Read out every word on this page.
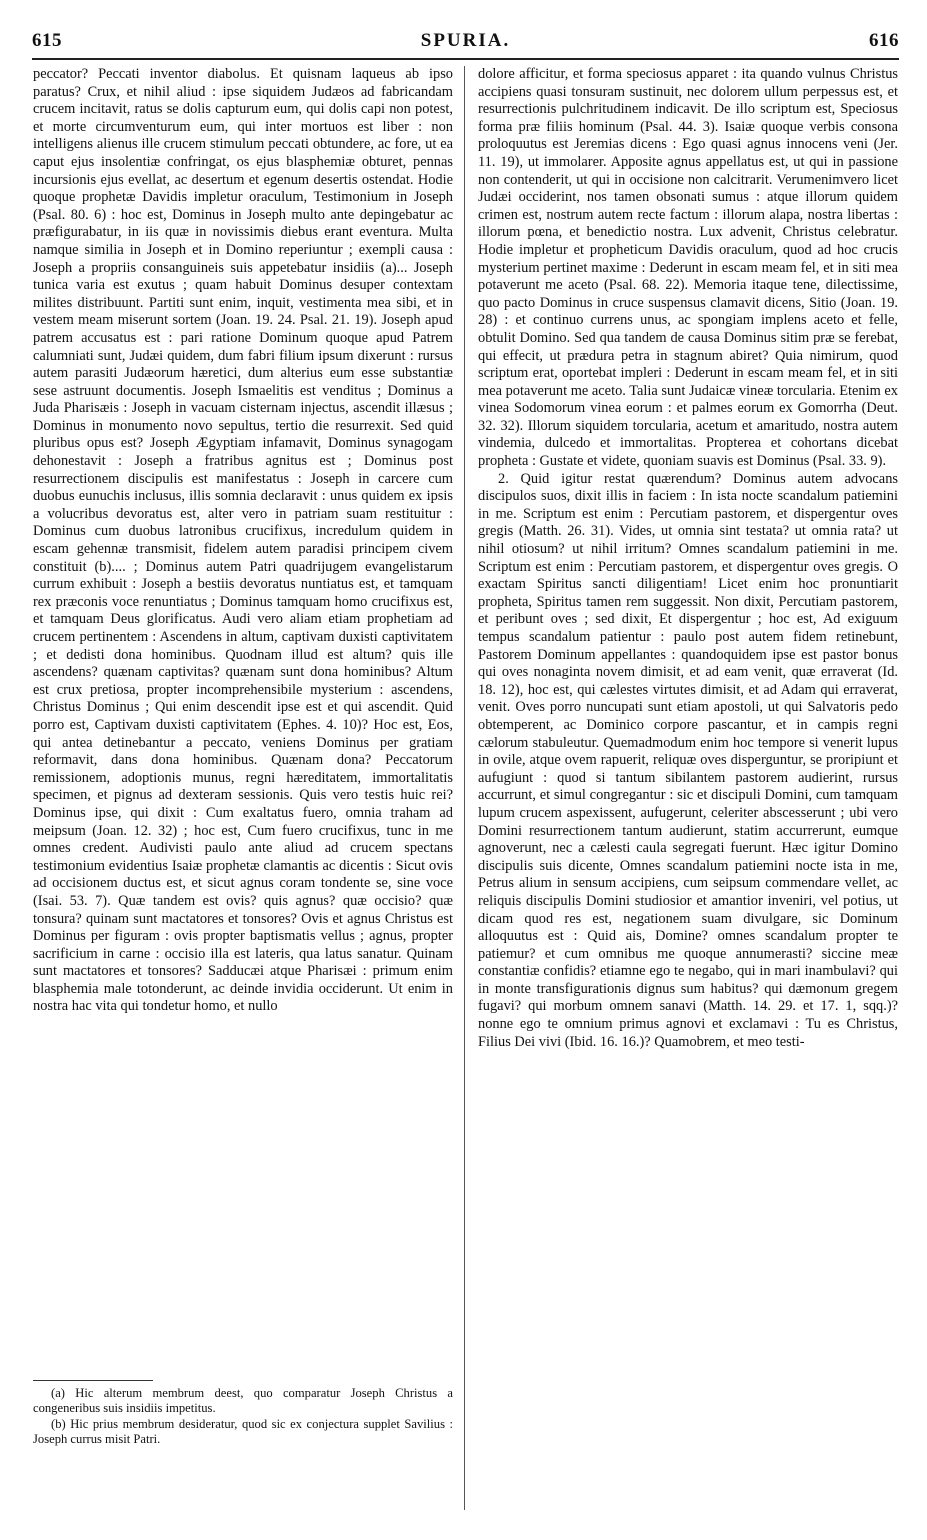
615	SPURIA.	616

peccator? Peccati inventor diabolus. Et quisnam laqueus ab ipso paratus? Crux, et nihil aliud : ipse siquidem Judæos ad fabricandam crucem incitavit, ratus se dolis capturum eum, qui dolis capi non potest, et morte circumventurum eum, qui inter mortuos est liber : non intelligens alienus ille crucem stimulum peccati obtundere, ac fore, ut ea caput ejus insolentiæ confringat, os ejus blasphemiæ obturet, pennas incursionis ejus evellat, ac desertum et egenum desertis ostendat. Hodie quoque prophetæ Davidis impletur oraculum, Testimonium in Joseph (Psal. 80. 6) : hoc est, Dominus in Joseph multo ante depingebatur ac præfigurabatur, in iis quæ in novissimis diebus erant eventura. Multa namque similia in Joseph et in Domino reperiuntur ; exempli causa : Joseph a propriis consanguineis suis appetebatur insidiis (a)... Joseph tunica varia est exutus ; quam habuit Dominus desuper contextam milites distribuunt. Partiti sunt enim, inquit, vestimenta mea sibi, et in vestem meam miserunt sortem (Joan. 19. 24. Psal. 21. 19). Joseph apud patrem accusatus est : pari ratione Dominum quoque apud Patrem calumniati sunt, Judæi quidem, dum fabri filium ipsum dixerunt : rursus autem parasiti Judæorum hæretici, dum alterius eum esse substantiæ sese astruunt documentis. Joseph Ismaelitis est venditus ; Dominus a Juda Pharisæis : Joseph in vacuam cisternam injectus, ascendit illæsus ; Dominus in monumento novo sepultus, tertio die resurrexit. Sed quid pluribus opus est? Joseph Ægyptiam infamavit, Dominus synagogam dehonestavit : Joseph a fratribus agnitus est ; Dominus post resurrectionem discipulis est manifestatus : Joseph in carcere cum duobus eunuchis inclusus, illis somnia declaravit : unus quidem ex ipsis a volucribus devoratus est, alter vero in patriam suam restituitur : Dominus cum duobus latronibus crucifixus, incredulum quidem in escam gehennæ transmisit, fidelem autem paradisi principem civem constituit (b).... ; Dominus autem Patri quadrijugem evangelistarum currum exhibuit : Joseph a bestiis devoratus nuntiatus est, et tamquam rex præconis voce renuntiatus ; Dominus tamquam homo crucifixus est, et tamquam Deus glorificatus. Audi vero aliam etiam prophetiam ad crucem pertinentem : Ascendens in altum, captivam duxisti captivitatem ; et dedisti dona hominibus. Quodnam illud est altum? quis ille ascendens? quænam captivitas? quænam sunt dona hominibus? Altum est crux pretiosa, propter incomprehensibile mysterium : ascendens, Christus Dominus ; Qui enim descendit ipse est et qui ascendit. Quid porro est, Captivam duxisti captivitatem (Ephes. 4. 10)? Hoc est, Eos, qui antea detinebantur a peccato, veniens Dominus per gratiam reformavit, dans dona hominibus. Quænam dona? Peccatorum remissionem, adoptionis munus, regni hæreditatem, immortalitatis specimen, et pignus ad dexteram sessionis. Quis vero testis huic rei? Dominus ipse, qui dixit : Cum exaltatus fuero, omnia traham ad meipsum (Joan. 12. 32) ; hoc est, Cum fuero crucifixus, tunc in me omnes credent. Audivisti paulo ante aliud ad crucem spectans testimonium evidentius Isaiæ prophetæ clamantis ac dicentis : Sicut ovis ad occisionem ductus est, et sicut agnus coram tondente se, sine voce (Isai. 53. 7). Quæ tandem est ovis? quis agnus? quæ occisio? quæ tonsura? quinam sunt mactatores et tonsores? Ovis et agnus Christus est Dominus per figuram : ovis propter baptismatis vellus ; agnus, propter sacrificium in carne : occisio illa est lateris, qua latus sanatur. Quinam sunt mactatores et tonsores? Sadducæi atque Pharisæi : primum enim blasphemia male totonderunt, ac deinde invidia occiderunt. Ut enim in nostra hac vita qui tondetur homo, et nullo

dolore afficitur, et forma speciosus apparet : ita quando vulnus Christus accipiens quasi tonsuram sustinuit, nec dolorem ullum perpessus est, et resurrectionis pulchritudinem indicavit. De illo scriptum est, Speciosus forma præ filiis hominum (Psal. 44. 3). Isaiæ quoque verbis consona proloquutus est Jeremias dicens : Ego quasi agnus innocens veni (Jer. 11. 19), ut immolarer. Apposite agnus appellatus est, ut qui in passione non contenderit, ut qui in occisione non calcitrarit. Verumenimvero licet Judæi occiderint, nos tamen obsonati sumus : atque illorum quidem crimen est, nostrum autem recte factum : illorum alapa, nostra libertas : illorum pœna, et benedictio nostra. Lux advenit, Christus celebratur. Hodie impletur et propheticum Davidis oraculum, quod ad hoc crucis mysterium pertinet maxime : Dederunt in escam meam fel, et in siti mea potaverunt me aceto (Psal. 68. 22). Memoria itaque tene, dilectissime, quo pacto Dominus in cruce suspensus clamavit dicens, Sitio (Joan. 19. 28) : et continuo currens unus, ac spongiam implens aceto et felle, obtulit Domino. Sed qua tandem de causa Dominus sitim præ se ferebat, qui effecit, ut prædura petra in stagnum abiret? Quia nimirum, quod scriptum erat, oportebat impleri : Dederunt in escam meam fel, et in siti mea potaverunt me aceto. Talia sunt Judaicæ vineæ torcularia. Etenim ex vinea Sodomorum vinea eorum : et palmes eorum ex Gomorrha (Deut. 32. 32). Illorum siquidem torcularia, acetum et amaritudo, nostra autem vindemia, dulcedo et immortalitas. Propterea et cohortans dicebat propheta : Gustate et videte, quoniam suavis est Dominus (Psal. 33. 9).

2. Quid igitur restat quærendum? Dominus autem advocans discipulos suos, dixit illis in faciem : In ista nocte scandalum patiemini in me. Scriptum est enim : Percutiam pastorem, et dispergentur oves gregis (Matth. 26. 31). Vides, ut omnia sint testata? ut omnia rata? ut nihil otiosum? ut nihil irritum? Omnes scandalum patiemini in me. Scriptum est enim : Percutiam pastorem, et dispergentur oves gregis. O exactam Spiritus sancti diligentiam! Licet enim hoc pronuntiarit propheta, Spiritus tamen rem suggessit. Non dixit, Percutiam pastorem, et peribunt oves ; sed dixit, Et dispergentur ; hoc est, Ad exiguum tempus scandalum patientur : paulo post autem fidem retinebunt, Pastorem Dominum appellantes : quandoquidem ipse est pastor bonus qui oves nonaginta novem dimisit, et ad eam venit, quæ erraverat (Id. 18. 12), hoc est, qui cælestes virtutes dimisit, et ad Adam qui erraverat, venit. Oves porro nuncupati sunt etiam apostoli, ut qui Salvatoris pedo obtemperent, ac Dominico corpore pascantur, et in campis regni cælorum stabuleutur. Quemadmodum enim hoc tempore si venerit lupus in ovile, atque ovem rapuerit, reliquæ oves disperguntur, se proripiunt et aufugiunt : quod si tantum sibilantem pastorem audierint, rursus accurrunt, et simul congregantur : sic et discipuli Domini, cum tamquam lupum crucem aspexissent, aufugerunt, celeriter abscesserunt ; ubi vero Domini resurrectionem tantum audierunt, statim accurrerunt, eumque agnoverunt, nec a cælesti caula segregati fuerunt. Hæc igitur Domino discipulis suis dicente, Omnes scandalum patiemini nocte ista in me, Petrus alium in sensum accipiens, cum seipsum commendare vellet, ac reliquis discipulis Domini studiosior et amantior inveniri, vel potius, ut dicam quod res est, negationem suam divulgare, sic Dominum alloquutus est : Quid ais, Domine? omnes scandalum propter te patiemur? et cum omnibus me quoque annumerasti? siccine meæ constantiæ confidis? etiamne ego te negabo, qui in mari inambulavi? qui in monte transfigurationis dignus sum habitus? qui dæmonum gregem fugavi? qui morbum omnem sanavi (Matth. 14. 29. et 17. 1, sqq.)? nonne ego te omnium primus agnovi et exclamavi : Tu es Christus, Filius Dei vivi (Ibid. 16. 16.)? Quamobrem, et meo testi-

(a) Hic alterum membrum deest, quo comparatur Joseph Christus a congeneribus suis insidiis impetitus.

(b) Hic prius membrum desideratur, quod sic ex conjectura supplet Savilius : Joseph currus misit Patri.
